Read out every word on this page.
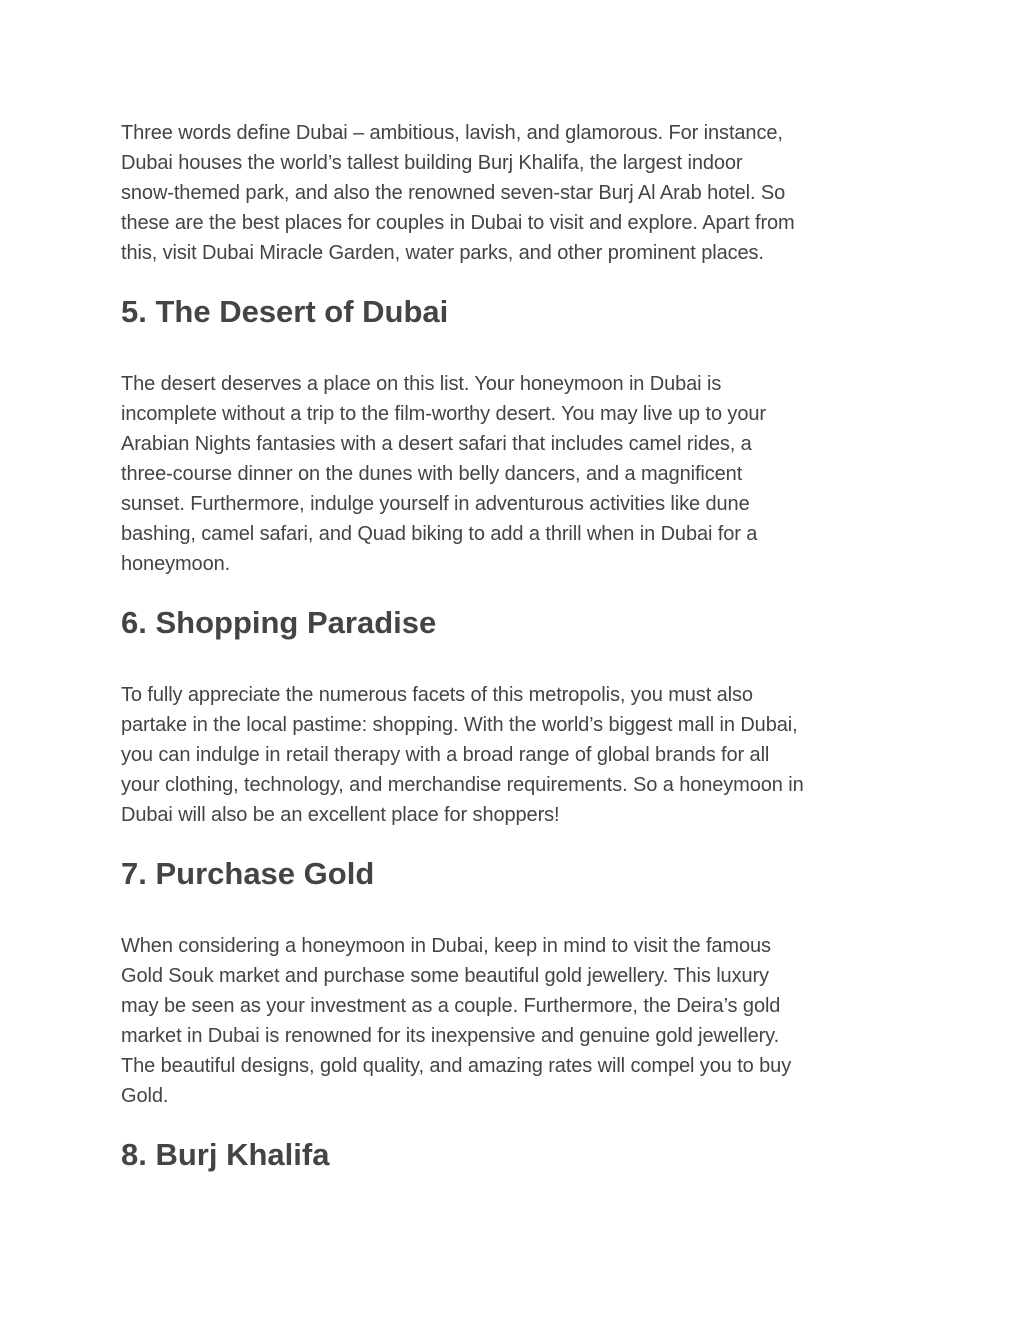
Three words define Dubai – ambitious, lavish, and glamorous. For instance,
Dubai houses the world’s tallest building Burj Khalifa, the largest indoor
snow-themed park, and also the renowned seven-star Burj Al Arab hotel. So
these are the best places for couples in Dubai to visit and explore. Apart from
this, visit Dubai Miracle Garden, water parks, and other prominent places.
5. The Desert of Dubai
The desert deserves a place on this list. Your honeymoon in Dubai is
incomplete without a trip to the film-worthy desert. You may live up to your
Arabian Nights fantasies with a desert safari that includes camel rides, a
three-course dinner on the dunes with belly dancers, and a magnificent
sunset. Furthermore, indulge yourself in adventurous activities like dune
bashing, camel safari, and Quad biking to add a thrill when in Dubai for a
honeymoon.
6. Shopping Paradise
To fully appreciate the numerous facets of this metropolis, you must also
partake in the local pastime: shopping. With the world’s biggest mall in Dubai,
you can indulge in retail therapy with a broad range of global brands for all
your clothing, technology, and merchandise requirements. So a honeymoon in
Dubai will also be an excellent place for shoppers!
7. Purchase Gold
When considering a honeymoon in Dubai, keep in mind to visit the famous
Gold Souk market and purchase some beautiful gold jewellery. This luxury
may be seen as your investment as a couple. Furthermore, the Deira’s gold
market in Dubai is renowned for its inexpensive and genuine gold jewellery.
The beautiful designs, gold quality, and amazing rates will compel you to buy
Gold.
8. Burj Khalifa
